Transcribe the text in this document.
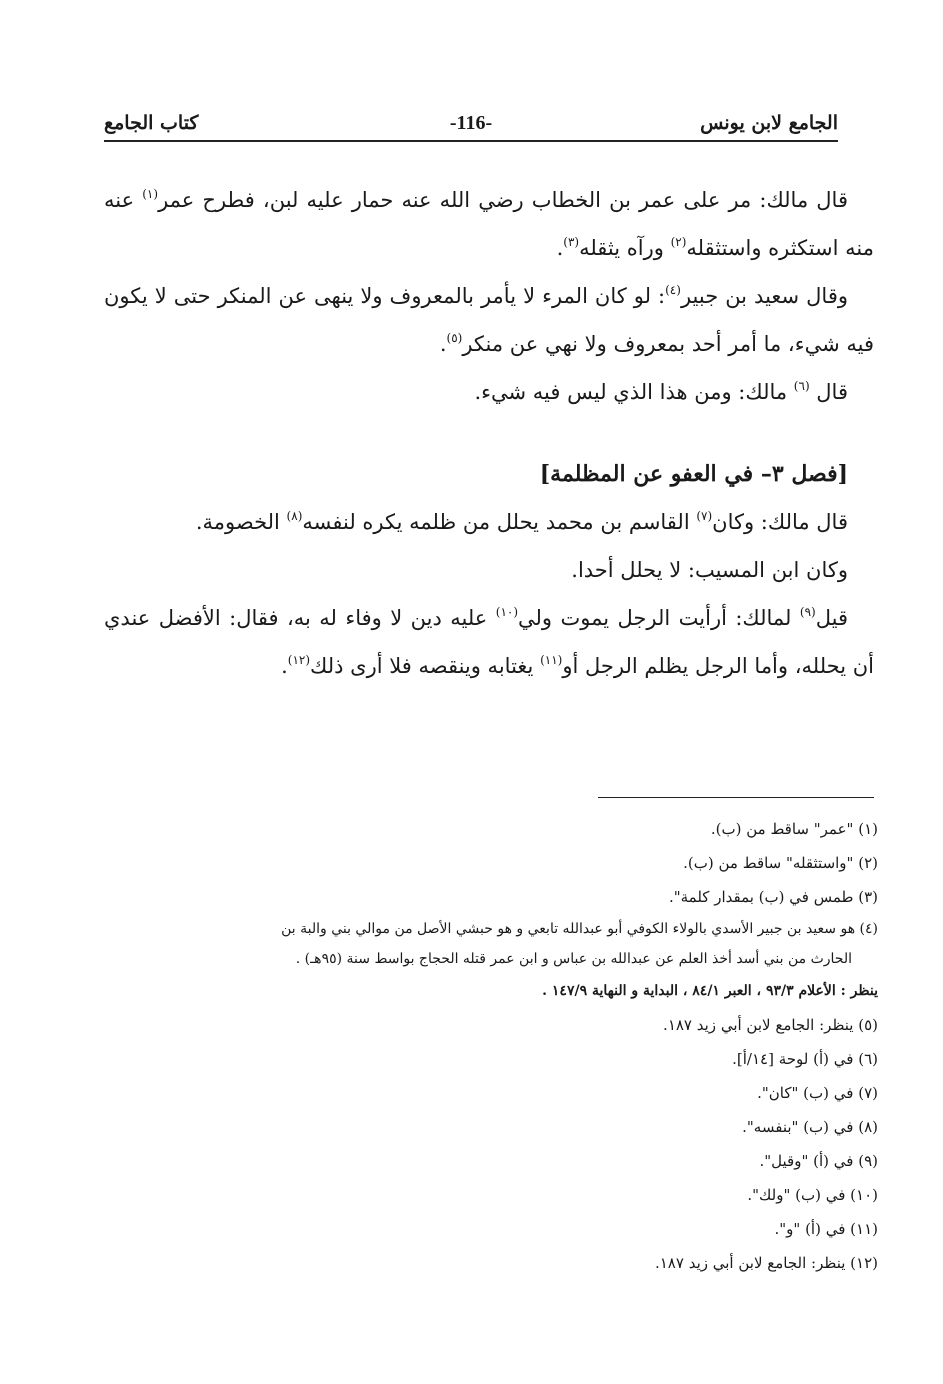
الجامع لابن يونس
-116-
كتاب الجامع

قال مالك: مر على عمر بن الخطاب رضي الله عنه حمار عليه لبن، فطرح عمر$^{(١)}$ عنه منه استكثره واستثقله$^{(٢)}$ ورآه يثقله$^{(٣)}$.

وقال سعيد بن جبير$^{(٤)}$: لو كان المرء لا يأمر بالمعروف ولا ينهى عن المنكر حتى لا يكون فيه شيء، ما أمر أحد بمعروف ولا نهي عن منكر$^{(٥)}$.

قال $^{(٦)}$ مالك: ومن هذا الذي ليس فيه شيء.

[فصل ٣– في العفو عن المظلمة]

قال مالك: وكان$^{(٧)}$ القاسم بن محمد يحلل من ظلمه يكره لنفسه$^{(٨)}$ الخصومة.

وكان ابن المسيب: لا يحلل أحدا.

قيل$^{(٩)}$ لمالك: أرأيت الرجل يموت ولي$^{(١٠)}$ عليه دين لا وفاء له به، فقال: الأفضل عندي أن يحلله، وأما الرجل يظلم الرجل أو$^{(١١)}$ يغتابه وينقصه فلا أرى ذلك$^{(١٢)}$.

(١) "عمر" ساقط من (ب).
(٢) "واستثقله" ساقط من (ب).
(٣) طمس في (ب) بمقدار كلمة".
(٤) هو سعيد بن جبير الأسدي بالولاء الكوفي أبو عبدالله تابعي و هو حبشي الأصل من موالي بني والبة بن
الحارث من بني أسد أخذ العلم عن عبدالله بن عباس و ابن عمر قتله الحجاج بواسط سنة (٩٥هـ) .
ينظر : الأعلام ٩٣/٣ ، العبر ٨٤/١ ، البداية و النهاية ١٤٧/٩ .
(٥) ينظر: الجامع لابن أبي زيد ١٨٧.
(٦) في (أ) لوحة [١٤/أ].
(٧) في (ب) "كان".
(٨) في (ب) "بنفسه".
(٩) في (أ) "وقيل".
(١٠) في (ب) "ولك".
(١١) في (أ) "و".
(١٢) ينظر: الجامع لابن أبي زيد ١٨٧.
